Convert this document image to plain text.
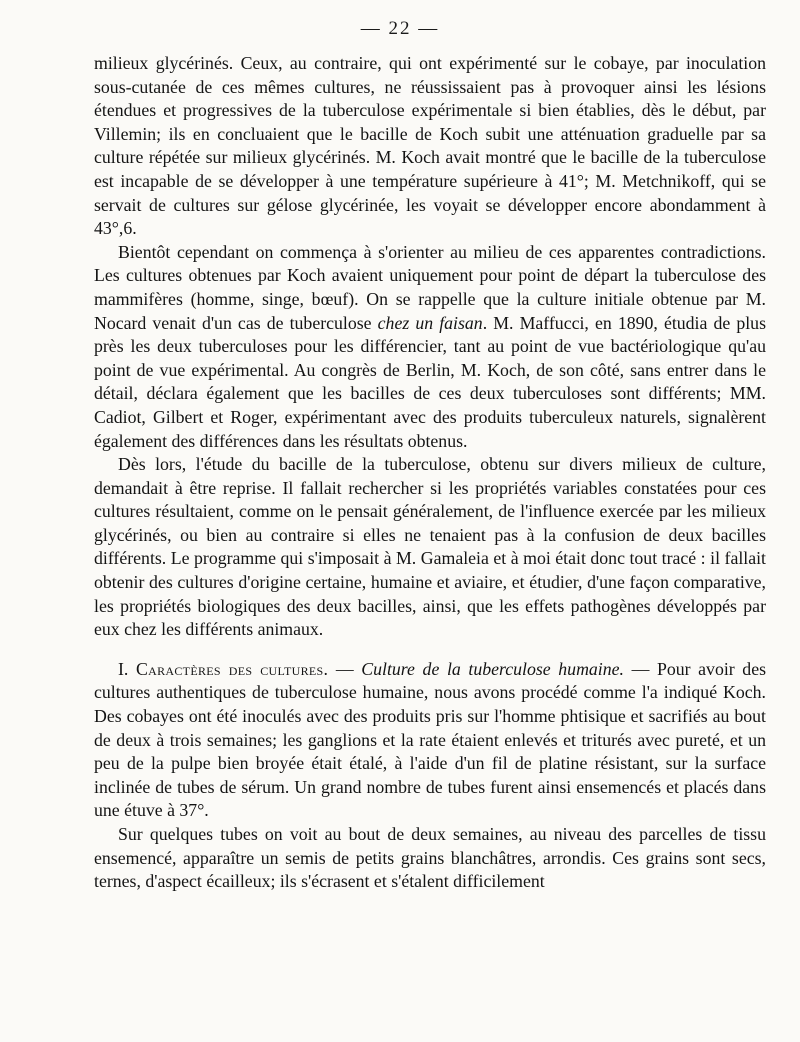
— 22 —

milieux glycérinés. Ceux, au contraire, qui ont expérimenté sur le cobaye, par inoculation sous-cutanée de ces mêmes cultures, ne réussissaient pas à provoquer ainsi les lésions étendues et progressives de la tuberculose expérimentale si bien établies, dès le début, par Villemin; ils en concluaient que le bacille de Koch subit une atténuation graduelle par sa culture répétée sur milieux glycérinés. M. Koch avait montré que le bacille de la tuberculose est incapable de se développer à une température supérieure à 41°; M. Metchnikoff, qui se servait de cultures sur gélose glycérinée, les voyait se développer encore abondamment à 43°,6.

Bientôt cependant on commença à s'orienter au milieu de ces apparentes contradictions. Les cultures obtenues par Koch avaient uniquement pour point de départ la tuberculose des mammifères (homme, singe, bœuf). On se rappelle que la culture initiale obtenue par M. Nocard venait d'un cas de tuberculose chez un faisan. M. Maffucci, en 1890, étudia de plus près les deux tuberculoses pour les différencier, tant au point de vue bactériologique qu'au point de vue expérimental. Au congrès de Berlin, M. Koch, de son côté, sans entrer dans le détail, déclara également que les bacilles de ces deux tuberculoses sont différents; MM. Cadiot, Gilbert et Roger, expérimentant avec des produits tuberculeux naturels, signalèrent également des différences dans les résultats obtenus.

Dès lors, l'étude du bacille de la tuberculose, obtenu sur divers milieux de culture, demandait à être reprise. Il fallait rechercher si les propriétés variables constatées pour ces cultures résultaient, comme on le pensait généralement, de l'influence exercée par les milieux glycérinés, ou bien au contraire si elles ne tenaient pas à la confusion de deux bacilles différents. Le programme qui s'imposait à M. Gamaleia et à moi était donc tout tracé : il fallait obtenir des cultures d'origine certaine, humaine et aviaire, et étudier, d'une façon comparative, les propriétés biologiques des deux bacilles, ainsi, que les effets pathogènes développés par eux chez les différents animaux.

I. Caractères des cultures. — Culture de la tuberculose humaine. — Pour avoir des cultures authentiques de tuberculose humaine, nous avons procédé comme l'a indiqué Koch. Des cobayes ont été inoculés avec des produits pris sur l'homme phtisique et sacrifiés au bout de deux à trois semaines; les ganglions et la rate étaient enlevés et triturés avec pureté, et un peu de la pulpe bien broyée était étalé, à l'aide d'un fil de platine résistant, sur la surface inclinée de tubes de sérum. Un grand nombre de tubes furent ainsi ensemencés et placés dans une étuve à 37°.

Sur quelques tubes on voit au bout de deux semaines, au niveau des parcelles de tissu ensemencé, apparaître un semis de petits grains blanchâtres, arrondis. Ces grains sont secs, ternes, d'aspect écailleux; ils s'écrasent et s'étalent difficilement
